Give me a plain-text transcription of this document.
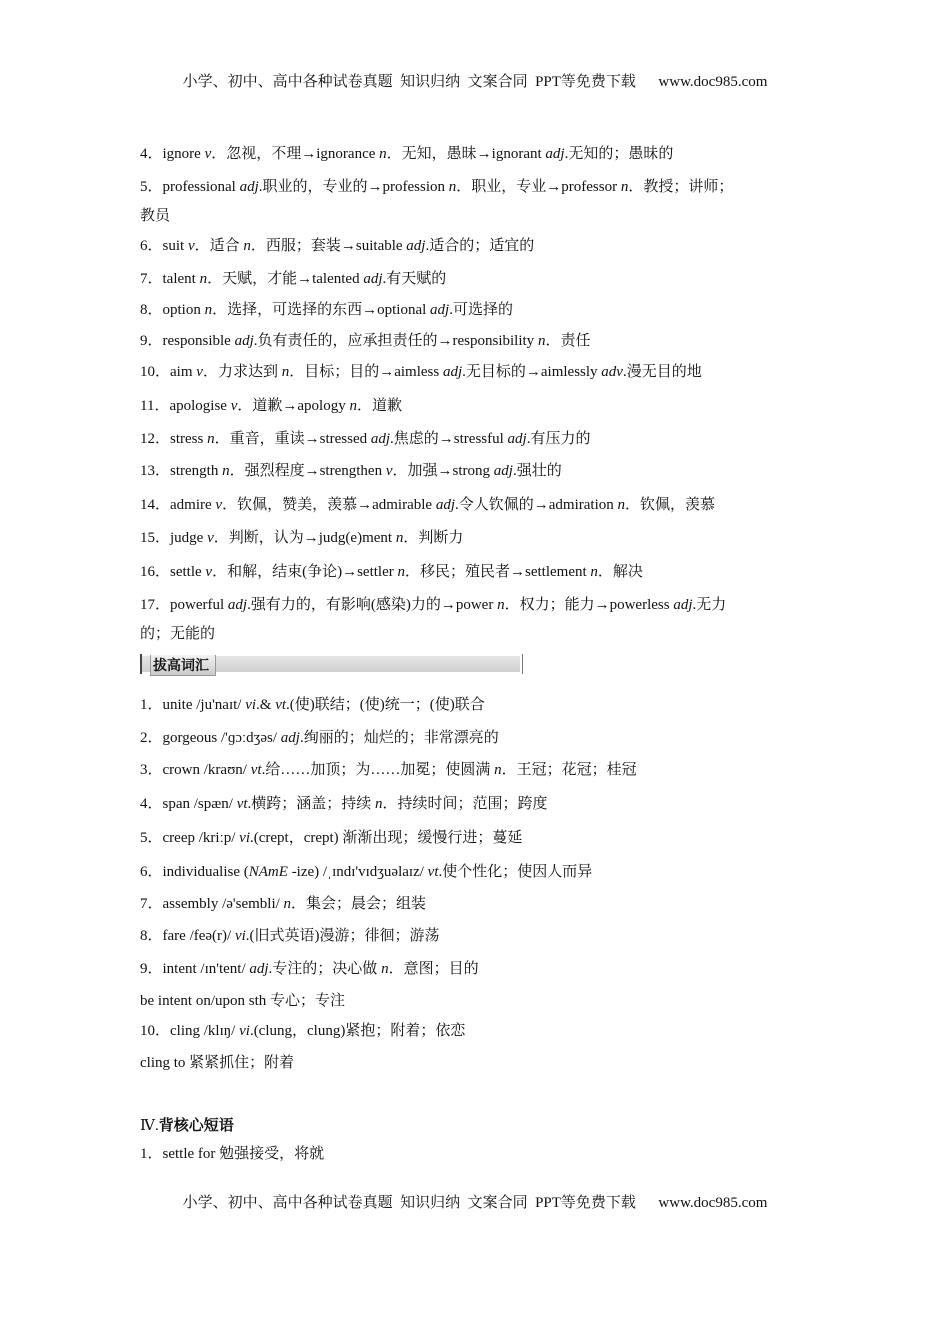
小学、初中、高中各种试卷真题  知识归纳  文案合同  PPT等免费下载      www.doc985.com
4．ignore v．忽视，不理→ignorance n．无知，愚昧→ignorant adj.无知的；愚昧的
5．professional adj.职业的，专业的→profession n．职业，专业→professor n．教授；讲师；
教员
6．suit v．适合 n．西服；套装→suitable adj.适合的；适宜的
7．talent n．天赋，才能→talented adj.有天赋的
8．option n．选择，可选择的东西→optional adj.可选择的
9．responsible adj.负有责任的，应承担责任的→responsibility n．责任
10．aim v．力求达到 n．目标；目的→aimless adj.无目标的→aimlessly adv.漫无目的地
11．apologise v．道歉→apology n．道歉
12．stress n．重音，重读→stressed adj.焦虑的→stressful adj.有压力的
13．strength n．强烈程度→strengthen v．加强→strong adj.强壮的
14．admire v．钦佩，赞美，羡慕→admirable adj.令人钦佩的→admiration n．钦佩，羡慕
15．judge v．判断，认为→judg(e)ment n．判断力
16．settle v．和解，结束(争论)→settler n．移民；殖民者→settlement n．解决
17．powerful adj.强有力的，有影响(感染)力的→power n．权力；能力→powerless adj.无力
的；无能的
拔高词汇
1．unite /ju'naɪt/ vi.& vt.(使)联结；(使)统一；(使)联合
2．gorgeous /'ɡɔːdʒəs/ adj.绚丽的；灿烂的；非常漂亮的
3．crown /kraʊn/ vt.给……加顶；为……加冕；使圆满 n．王冠；花冠；桂冠
4．span /spæn/ vt.横跨；涵盖；持续 n．持续时间；范围；跨度
5．creep /kriːp/ vi.(crept，crept) 渐渐出现；缓慢行进；蔓延
6．individualise (NAmE -ize) /ˌɪndɪ'vɪdʒuəlaɪz/ vt.使个性化；使因人而异
7．assembly /ə'sembli/ n．集会；晨会；组装
8．fare /feə(r)/ vi.(旧式英语)漫游；徘徊；游荡
9．intent /ɪn'tent/ adj.专注的；决心做 n．意图；目的
be intent on/upon sth 专心；专注
10．cling /klɪŋ/ vi.(clung，clung)紧抱；附着；依恋
cling to 紧紧抓住；附着
Ⅳ.背核心短语
1．settle for 勉强接受，将就
小学、初中、高中各种试卷真题  知识归纳  文案合同  PPT等免费下载      www.doc985.com
